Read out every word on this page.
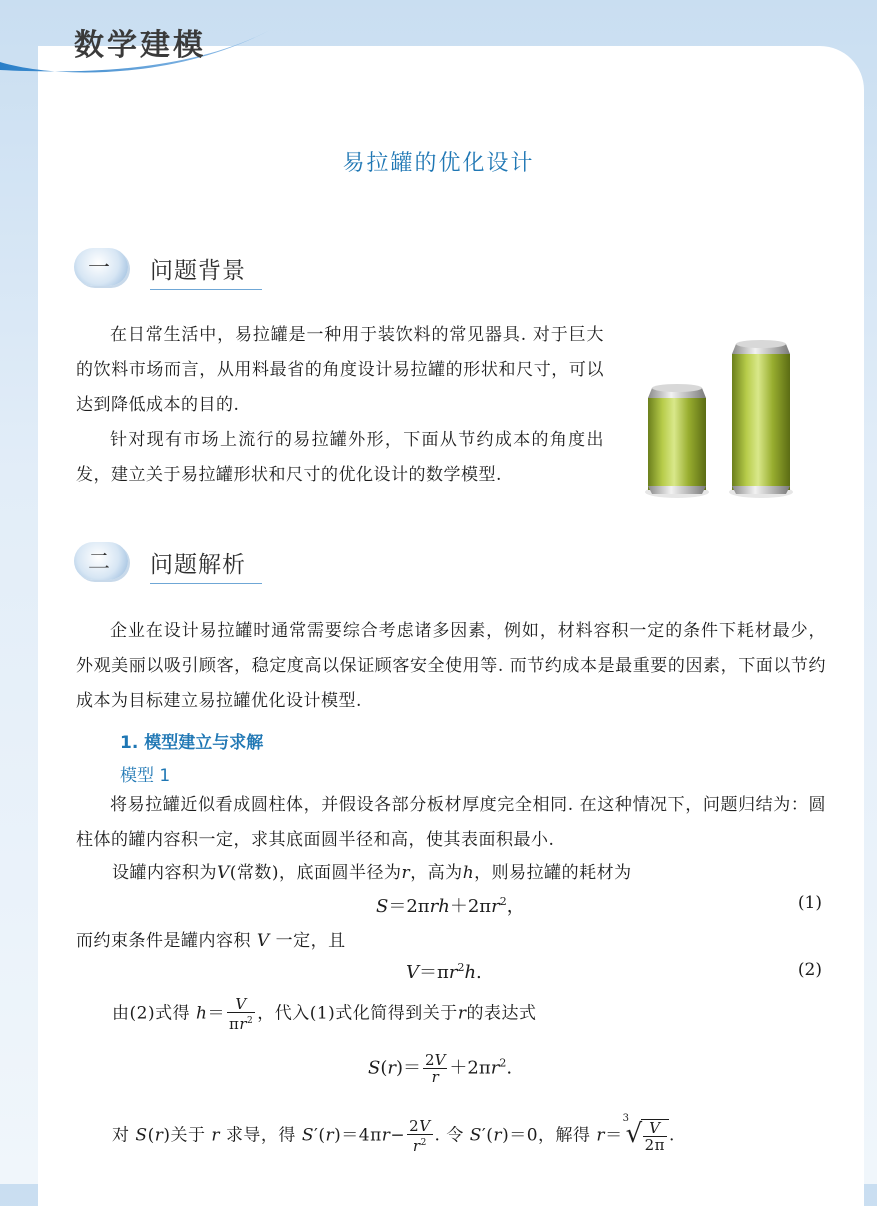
数学建模
易拉罐的优化设计
一	问题背景
在日常生活中，易拉罐是一种用于装饮料的常见器具. 对于巨大的饮料市场而言，从用料最省的角度设计易拉罐的形状和尺寸，可以达到降低成本的目的.
针对现有市场上流行的易拉罐外形，下面从节约成本的角度出发，建立关于易拉罐形状和尺寸的优化设计的数学模型.
二	问题解析
企业在设计易拉罐时通常需要综合考虑诸多因素，例如，材料容积一定的条件下耗材最少，外观美丽以吸引顾客，稳定度高以保证顾客安全使用等. 而节约成本是最重要的因素，下面以节约成本为目标建立易拉罐优化设计模型.
1. 模型建立与求解
模型 1
将易拉罐近似看成圆柱体，并假设各部分板材厚度完全相同. 在这种情况下，问题归结为：圆柱体的罐内容积一定，求其底面圆半径和高，使其表面积最小.
设罐内容积为V(常数)，底面圆半径为r，高为h，则易拉罐的耗材为
$S=2\pi rh+2\pi r^2$，	(1)
而约束条件是罐内容积 V 一定，且
$V=\pi r^2h$.	(2)
由(2)式得 $h= \frac{V}{\pi r^2}$ ，代入(1)式化简得到关于r的表达式
$S(r)= \frac{2V}{r} +2\pi r^2$.
对 S(r)关于 r 求导，得 $S'(r)=4\pi r- \frac{2V}{r^2}$ . 令 S′(r)＝0，解得 r＝
3
√ $\frac{V}{2\pi}$ .
